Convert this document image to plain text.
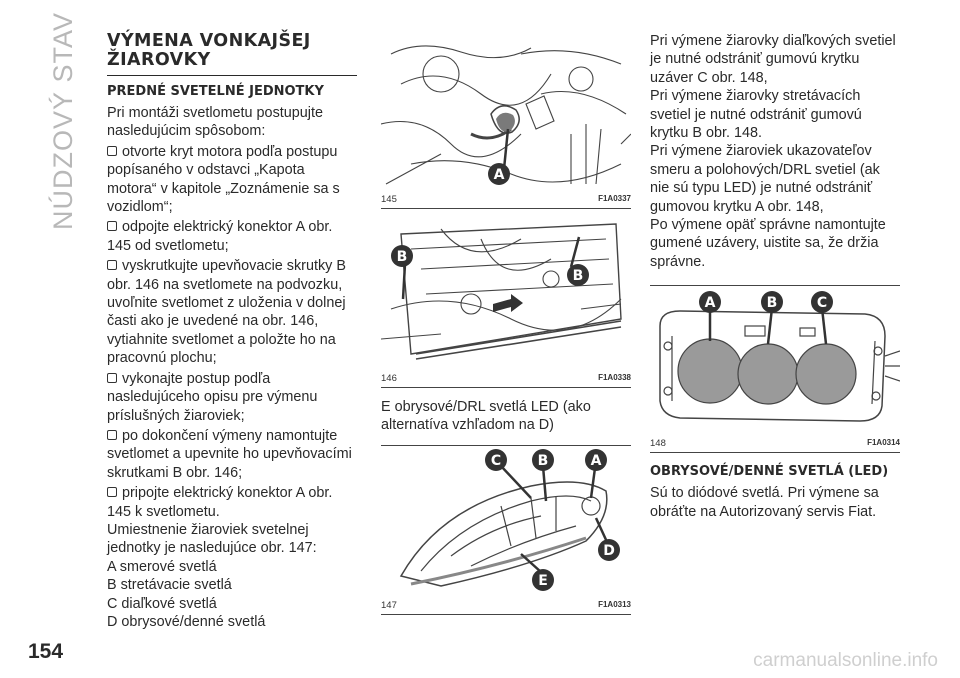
NÚDZOVÝ STAV
154	carmanualsonline.info
VÝMENA VONKAJŠEJ ŽIAROVKY
PREDNÉ SVETELNÉ JEDNOTKY

Pri montáži svetlometu postupujte nasledujúcim spôsobom:

otvorte kryt motora podľa postupu popísaného v odstavci „Kapota motora“ v kapitole „Zoznámenie sa s vozidlom“;

odpojte elektrický konektor A obr. 145 od svetlometu;

vyskrutkujte upevňovacie skrutky B obr. 146 na svetlomete na podvozku, uvoľnite svetlomet z uloženia v dolnej časti ako je uvedené na obr. 146, vytiahnite svetlomet a položte ho na pracovnú plochu;

vykonajte postup podľa nasledujúceho opisu pre výmenu príslušných žiaroviek;

po dokončení výmeny namontujte svetlomet a upevnite ho upevňovacími skrutkami B obr. 146;

pripojte elektrický konektor A obr. 145 k svetlometu.

Umiestnenie žiaroviek svetelnej jednotky je nasledujúce obr. 147:

A smerové svetlá

B stretávacie svetlá

C diaľkové svetlá

D obrysové/denné svetlá

A
145	F1A0337
B
B
146	F1A0338

E obrysové/DRL svetlá LED (ako alternatíva vzhľadom na D)

C	B	A
D
E
147	F1A0313

Pri výmene žiarovky diaľkových svetiel je nutné odstrániť gumovú krytku uzáver C obr. 148,

Pri výmene žiarovky stretávacích svetiel je nutné odstrániť gumovú krytku B obr. 148.

Pri výmene žiaroviek ukazovateľov smeru a polohových/DRL svetiel (ak nie sú typu LED) je nutné odstrániť gumovou krytku A obr. 148,

Po výmene opäť správne namontujte gumené uzávery, uistite sa, že držia správne.

A	B	C
148	F1A0314
OBRYSOVÉ/DENNÉ SVETLÁ (LED)

Sú to diódové svetlá. Pri výmene sa obráťte na Autorizovaný servis Fiat.
